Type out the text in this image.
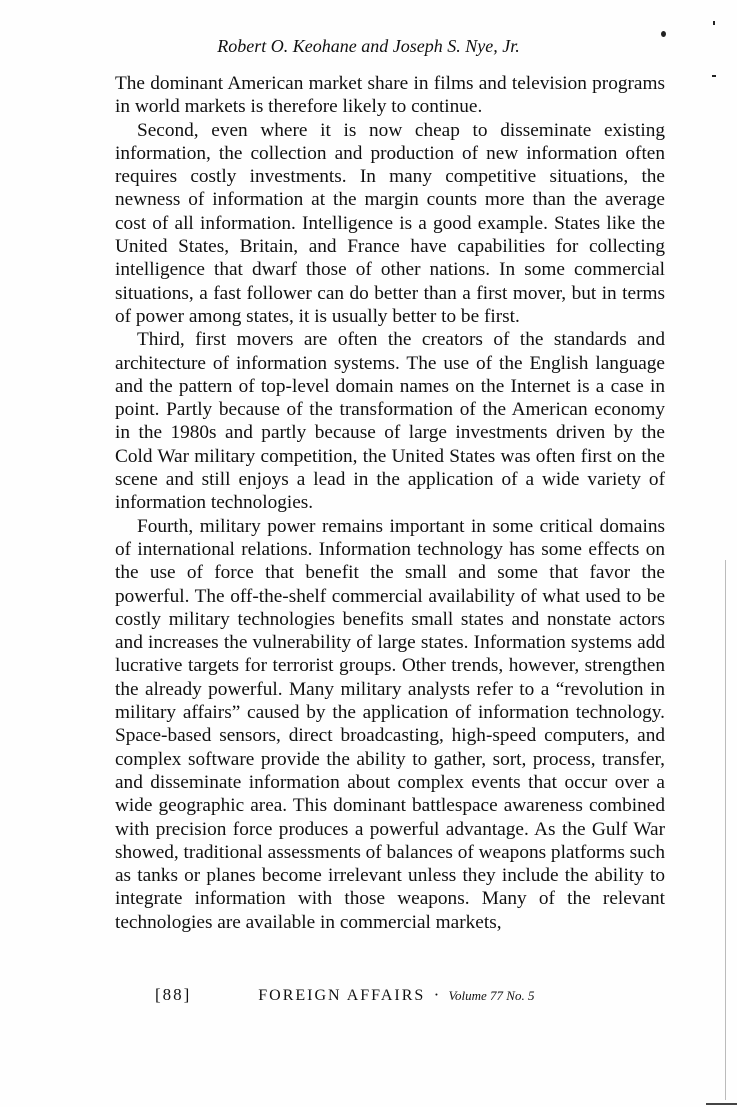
Robert O. Keohane and Joseph S. Nye, Jr.

The dominant American market share in films and television programs in world markets is therefore likely to continue.

Second, even where it is now cheap to disseminate existing information, the collection and production of new information often requires costly investments. In many competitive situations, the newness of information at the margin counts more than the average cost of all information. Intelligence is a good example. States like the United States, Britain, and France have capabilities for collecting intelligence that dwarf those of other nations. In some commercial situations, a fast follower can do better than a first mover, but in terms of power among states, it is usually better to be first.

Third, first movers are often the creators of the standards and architecture of information systems. The use of the English language and the pattern of top-level domain names on the Internet is a case in point. Partly because of the transformation of the American economy in the 1980s and partly because of large investments driven by the Cold War military competition, the United States was often first on the scene and still enjoys a lead in the application of a wide variety of information technologies.

Fourth, military power remains important in some critical domains of international relations. Information technology has some effects on the use of force that benefit the small and some that favor the powerful. The off-the-shelf commercial availability of what used to be costly military technologies benefits small states and nonstate actors and increases the vulnerability of large states. Information systems add lucrative targets for terrorist groups. Other trends, however, strengthen the already powerful. Many military analysts refer to a “revolution in military affairs” caused by the application of information technology. Space-based sensors, direct broadcasting, high-speed computers, and complex software provide the ability to gather, sort, process, transfer, and disseminate information about complex events that occur over a wide geographic area. This dominant battlespace awareness combined with precision force produces a powerful advantage. As the Gulf War showed, traditional assessments of balances of weapons platforms such as tanks or planes become irrelevant unless they include the ability to integrate information with those weapons. Many of the relevant technologies are available in commercial markets,

[88]	FOREIGN AFFAIRS · Volume 77 No. 5
